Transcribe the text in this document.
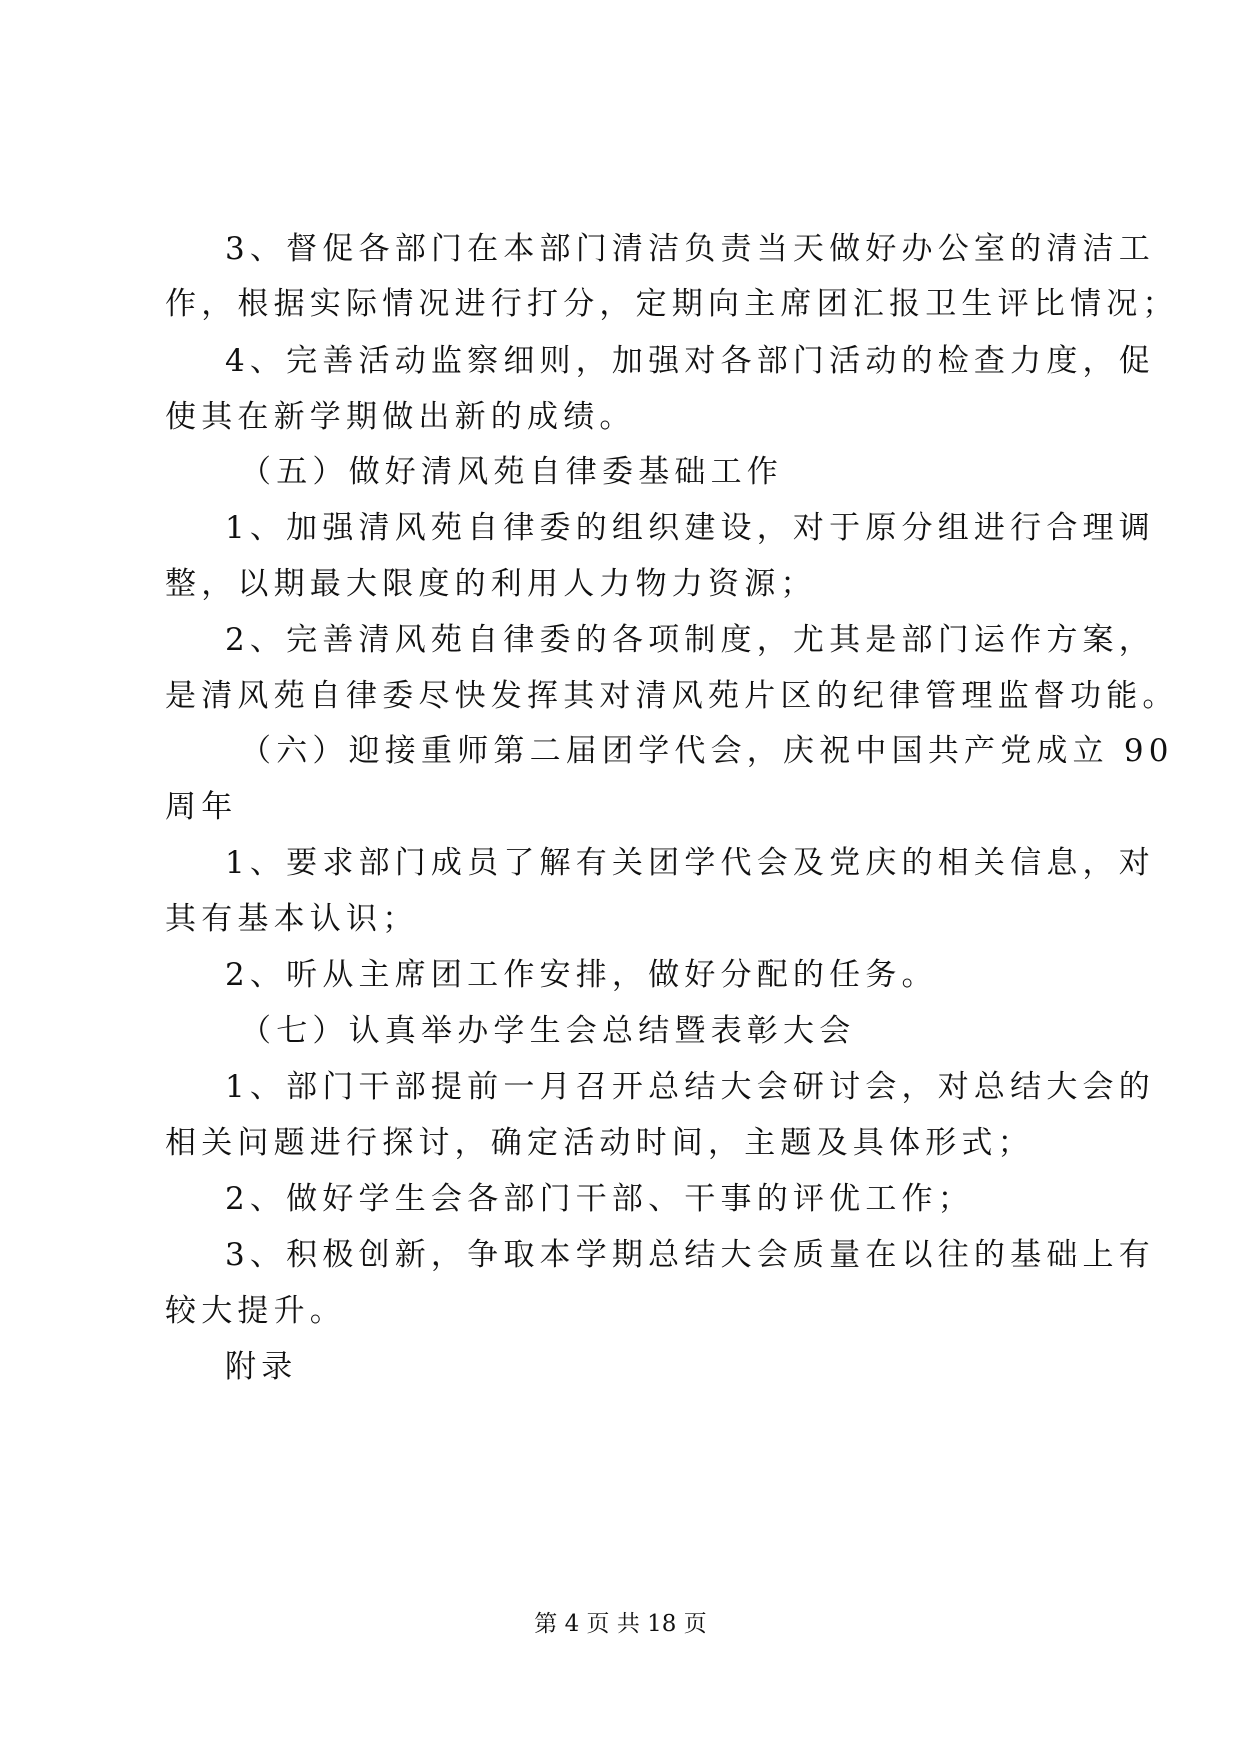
3、督促各部门在本部门清洁负责当天做好办公室的清洁工
作，根据实际情况进行打分，定期向主席团汇报卫生评比情况；
4、完善活动监察细则，加强对各部门活动的检查力度，促
使其在新学期做出新的成绩。
（五）做好清风苑自律委基础工作
1、加强清风苑自律委的组织建设，对于原分组进行合理调
整，以期最大限度的利用人力物力资源；
2、完善清风苑自律委的各项制度，尤其是部门运作方案，
是清风苑自律委尽快发挥其对清风苑片区的纪律管理监督功能。
（六）迎接重师第二届团学代会，庆祝中国共产党成立 90
周年
1、要求部门成员了解有关团学代会及党庆的相关信息，对
其有基本认识；
2、听从主席团工作安排，做好分配的任务。
（七）认真举办学生会总结暨表彰大会
1、部门干部提前一月召开总结大会研讨会，对总结大会的
相关问题进行探讨，确定活动时间，主题及具体形式；
2、做好学生会各部门干部、干事的评优工作；
3、积极创新，争取本学期总结大会质量在以往的基础上有
较大提升。
附录
第 4 页 共 18 页
